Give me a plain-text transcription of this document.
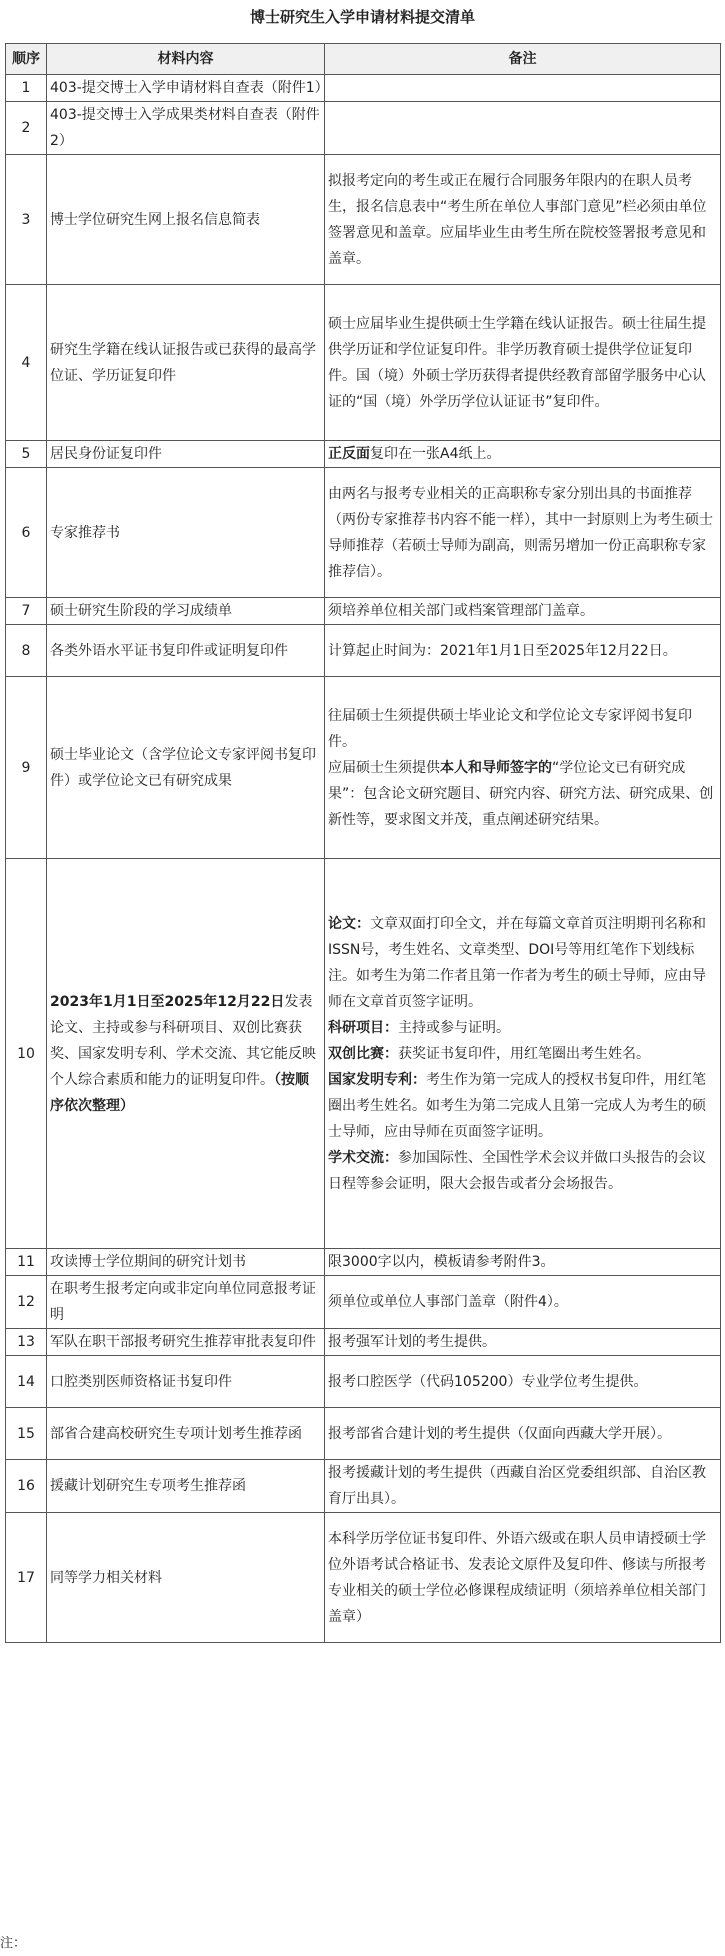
博士研究生入学申请材料提交清单
顺序	材料内容	备注
1	403-提交博士入学申请材料自查表（附件1）	
2	403-提交博士入学成果类材料自查表（附件2）	
3	博士学位研究生网上报名信息简表	拟报考定向的考生或正在履行合同服务年限内的在职人员考生，报名信息表中“考生所在单位人事部门意见”栏必须由单位签署意见和盖章。应届毕业生由考生所在院校签署报考意见和盖章。
4	研究生学籍在线认证报告或已获得的最高学位证、学历证复印件	硕士应届毕业生提供硕士生学籍在线认证报告。硕士往届生提供学历证和学位证复印件。非学历教育硕士提供学位证复印件。国（境）外硕士学历获得者提供经教育部留学服务中心认证的“国（境）外学历学位认证证书”复印件。
5	居民身份证复印件	正反面复印在一张A4纸上。
6	专家推荐书	由两名与报考专业相关的正高职称专家分别出具的书面推荐（两份专家推荐书内容不能一样），其中一封原则上为考生硕士导师推荐（若硕士导师为副高，则需另增加一份正高职称专家推荐信）。
7	硕士研究生阶段的学习成绩单	须培养单位相关部门或档案管理部门盖章。
8	各类外语水平证书复印件或证明复印件	计算起止时间为：2021年1月1日至2025年12月22日。
9	硕士毕业论文（含学位论文专家评阅书复印件）或学位论文已有研究成果	往届硕士生须提供硕士毕业论文和学位论文专家评阅书复印件。
应届硕士生须提供本人和导师签字的“学位论文已有研究成果”：包含论文研究题目、研究内容、研究方法、研究成果、创新性等，要求图文并茂，重点阐述研究结果。
10	2023年1月1日至2025年12月22日发表论文、主持或参与科研项目、双创比赛获奖、国家发明专利、学术交流、其它能反映个人综合素质和能力的证明复印件。（按顺序依次整理）	论文：文章双面打印全文，并在每篇文章首页注明期刊名称和ISSN号，考生姓名、文章类型、DOI号等用红笔作下划线标注。如考生为第二作者且第一作者为考生的硕士导师，应由导师在文章首页签字证明。
科研项目：主持或参与证明。
双创比赛：获奖证书复印件，用红笔圈出考生姓名。
国家发明专利：考生作为第一完成人的授权书复印件，用红笔圈出考生姓名。如考生为第二完成人且第一完成人为考生的硕士导师，应由导师在页面签字证明。
学术交流：参加国际性、全国性学术会议并做口头报告的会议日程等参会证明，限大会报告或者分会场报告。

11	攻读博士学位期间的研究计划书	限3000字以内，模板请参考附件3。
12	在职考生报考定向或非定向单位同意报考证明	须单位或单位人事部门盖章（附件4）。
13	军队在职干部报考研究生推荐审批表复印件	报考强军计划的考生提供。
14	口腔类别医师资格证书复印件	报考口腔医学（代码105200）专业学位考生提供。
15	部省合建高校研究生专项计划考生推荐函	报考部省合建计划的考生提供（仅面向西藏大学开展）。
16	援藏计划研究生专项考生推荐函	报考援藏计划的考生提供（西藏自治区党委组织部、自治区教育厅出具）。
17	同等学力相关材料	本科学历学位证书复印件、外语六级或在职人员申请授硕士学位外语考试合格证书、发表论文原件及复印件、修读与所报考专业相关的硕士学位必修课程成绩证明（须培养单位相关部门盖章）
注：
